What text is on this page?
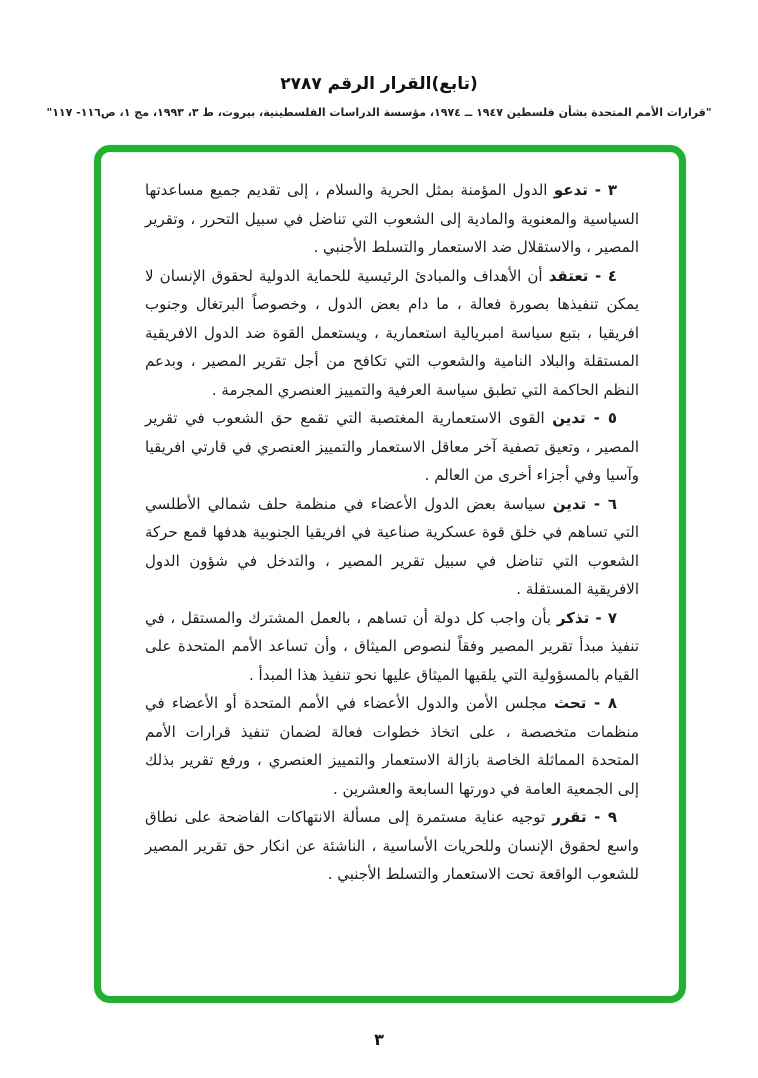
(تابع)القرار الرقم ٢٧٨٧
"قرارات الأمم المتحدة بشأن فلسطين ١٩٤٧ ــ ١٩٧٤، مؤسسة الدراسات الفلسطينية، بيروت، ط ٣، ١٩٩٣، مج ١، ص١١٦- ١١٧"

٣ - تدعو الدول المؤمنة بمثل الحرية والسلام ، إلى تقديم جميع مساعدتها السياسية والمعنوية والمادية إلى الشعوب التي تناضل في سبيل التحرر ، وتقرير المصير ، والاستقلال ضد الاستعمار والتسلط الأجنبي .

٤ - تعتقد أن الأهداف والمبادئ الرئيسية للحماية الدولية لحقوق الإنسان لا يمكن تنفيذها بصورة فعالة ، ما دام بعض الدول ، وخصوصاً البرتغال وجنوب افريقيا ، بتبع سياسة امبريالية استعمارية ، ويستعمل القوة ضد الدول الافريقية المستقلة والبلاد النامية والشعوب التي تكافح من أجل تقرير المصير ، وبدعم النظم الحاكمة التي تطبق سياسة العرفية والتمييز العنصري المجرمة .

٥ - تدين القوى الاستعمارية المغتصبة التي تقمع حق الشعوب في تقرير المصير ، وتعيق تصفية آخر معاقل الاستعمار والتمييز العنصري في قارتي افريقيا وآسيا وفي أجزاء أخرى من العالم .

٦ - تدين سياسة بعض الدول الأعضاء في منظمة حلف شمالي الأطلسي التي تساهم في خلق قوة عسكرية صناعية في افريقيا الجنوبية هدفها قمع حركة الشعوب التي تناضل في سبيل تقرير المصير ، والتدخل في شؤون الدول الافريقية المستقلة .

٧ - تذكر بأن واجب كل دولة أن تساهم ، بالعمل المشترك والمستقل ، في تنفيذ مبدأ تقرير المصير وفقاً لنصوص الميثاق ، وأن تساعد الأمم المتحدة على القيام بالمسؤولية التي يلقيها الميثاق عليها نحو تنفيذ هذا المبدأ .

٨ - تحث مجلس الأمن والدول الأعضاء في الأمم المتحدة أو الأعضاء في منظمات متخصصة ، على اتخاذ خطوات فعالة لضمان تنفيذ قرارات الأمم المتحدة المماثلة الخاصة بازالة الاستعمار والتمييز العنصري ، ورفع تقرير بذلك إلى الجمعية العامة في دورتها السابعة والعشرين .

٩ - تقرر توجيه عناية مستمرة إلى مسألة الانتهاكات الفاضحة على نطاق واسع لحقوق الإنسان وللحريات الأساسية ، الناشئة عن انكار حق تقرير المصير للشعوب الواقعة تحت الاستعمار والتسلط الأجنبي .

٣
